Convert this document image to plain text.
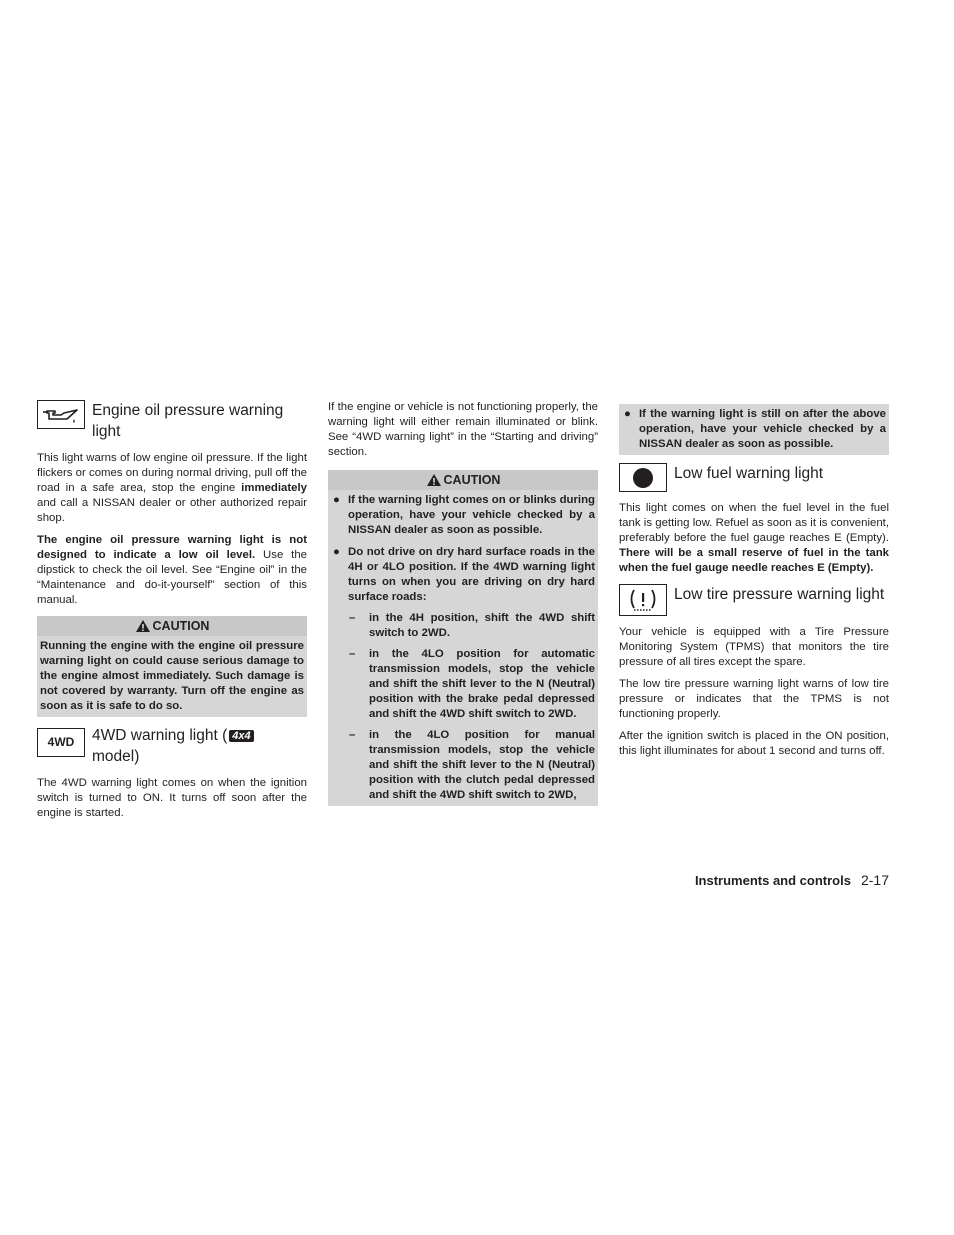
Engine oil pressure warning light

This light warns of low engine oil pressure. If the light flickers or comes on during normal driving, pull off the road in a safe area, stop the engine immediately and call a NISSAN dealer or other authorized repair shop.

The engine oil pressure warning light is not designed to indicate a low oil level. Use the dipstick to check the oil level. See “Engine oil” in the “Maintenance and do-it-yourself” section of this manual.

CAUTION
Running the engine with the engine oil pressure warning light on could cause serious damage to the engine almost immediately. Such damage is not covered by warranty. Turn off the engine as soon as it is safe to do so.
4WD 4WD warning light ( 4x4
model)

The 4WD warning light comes on when the ignition switch is turned to ON. It turns off soon after the engine is started.

If the engine or vehicle is not functioning properly, the warning light will either remain illuminated or blink. See “4WD warning light” in the “Starting and driving” section.

CAUTION
● If the warning light comes on or blinks during operation, have your vehicle checked by a NISSAN dealer as soon as possible.
● Do not drive on dry hard surface roads in the 4H or 4LO position. If the 4WD warning light turns on when you are driving on dry hard surface roads:
–	in the 4H position, shift the 4WD shift switch to 2WD.
–	in the 4LO position for automatic transmission models, stop the vehicle and shift the shift lever to the N (Neutral) position with the brake pedal depressed and shift the 4WD shift switch to 2WD.
–	in the 4LO position for manual transmission models, stop the vehicle and shift the shift lever to the N (Neutral) position with the clutch pedal depressed and shift the 4WD shift switch to 2WD,
● If the warning light is still on after the above operation, have your vehicle checked by a NISSAN dealer as soon as possible.
Low fuel warning light

This light comes on when the fuel level in the fuel tank is getting low. Refuel as soon as it is convenient, preferably before the fuel gauge reaches E (Empty). There will be a small reserve of fuel in the tank when the fuel gauge needle reaches E (Empty).

Low tire pressure warning light

Your vehicle is equipped with a Tire Pressure Monitoring System (TPMS) that monitors the tire pressure of all tires except the spare.

The low tire pressure warning light warns of low tire pressure or indicates that the TPMS is not functioning properly.

After the ignition switch is placed in the ON position, this light illuminates for about 1 second and turns off.

Instruments and controls 2-17
